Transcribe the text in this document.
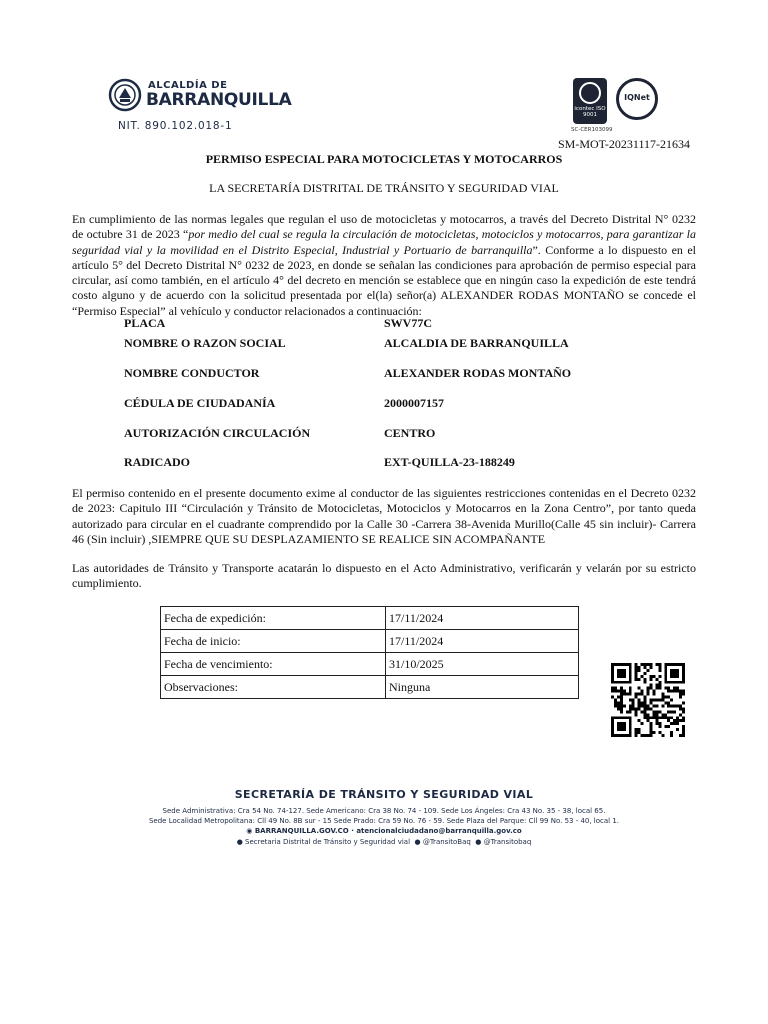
ALCALDÍA DE
BARRANQUILLA
NIT. 890.102.018-1
icontec ISO 9001
IQNet
SC-CER103099
SM-MOT-20231117-21634
PERMISO ESPECIAL PARA MOTOCICLETAS Y MOTOCARROS
LA SECRETARÍA DISTRITAL DE TRÁNSITO Y SEGURIDAD VIAL

En cumplimiento de las normas legales que regulan el uso de motocicletas y motocarros, a través del Decreto Distrital N° 0232 de octubre 31 de 2023 “por medio del cual se regula la circulación de motocicletas, motociclos y motocarros, para garantizar la seguridad vial y la movilidad en el Distrito Especial, Industrial y Portuario de barranquilla”. Conforme a lo dispuesto en el artículo 5° del Decreto Distrital N° 0232 de 2023, en donde se señalan las condiciones para aprobación de permiso especial para circular, así como también, en el artículo 4° del decreto en mención se establece que en ningún caso la expedición de este tendrá costo alguno y de acuerdo con la solicitud presentada por el(la) señor(a) ALEXANDER RODAS MONTAÑO se concede el “Permiso Especial” al vehículo y conductor relacionados a continuación:

PLACA	SWV77C
NOMBRE O RAZON SOCIAL	ALCALDIA DE BARRANQUILLA
NOMBRE CONDUCTOR	ALEXANDER RODAS MONTAÑO
CÉDULA DE CIUDADANÍA	2000007157
AUTORIZACIÓN CIRCULACIÓN	CENTRO
RADICADO	EXT-QUILLA-23-188249

El permiso contenido en el presente documento exime al conductor de las siguientes restricciones contenidas en el Decreto 0232 de 2023: Capitulo III “Circulación y Tránsito de Motocicletas, Motociclos y Motocarros en la Zona Centro”, por tanto queda autorizado para circular en el cuadrante comprendido por la Calle 30 -Carrera 38-Avenida Murillo(Calle 45 sin incluir)- Carrera 46 (Sin incluir) ,SIEMPRE QUE SU DESPLAZAMIENTO SE REALICE SIN ACOMPAÑANTE

Las autoridades de Tránsito y Transporte acatarán lo dispuesto en el Acto Administrativo, verificarán y velarán por su estricto cumplimiento.

Fecha de expedición:	17/11/2024
Fecha de inicio:	17/11/2024
Fecha de vencimiento:	31/10/2025
Observaciones:	Ninguna
SECRETARÍA DE TRÁNSITO Y SEGURIDAD VIAL
Sede Administrativa: Cra 54 No. 74-127. Sede Americano: Cra 38 No. 74 - 109. Sede Los Ángeles: Cra 43 No. 35 - 38, local 65.
Sede Localidad Metropolitana: Cll 49 No. 8B sur - 15 Sede Prado: Cra 59 No. 76 - 59. Sede Plaza del Parque: Cll 99 No. 53 - 40, local 1.
◉ BARRANQUILLA.GOV.CO · atencionalciudadano@barranquilla.gov.co
● Secretaria Distrital de Tránsito y Seguridad vial ● @TransitoBaq ● @Transitobaq
